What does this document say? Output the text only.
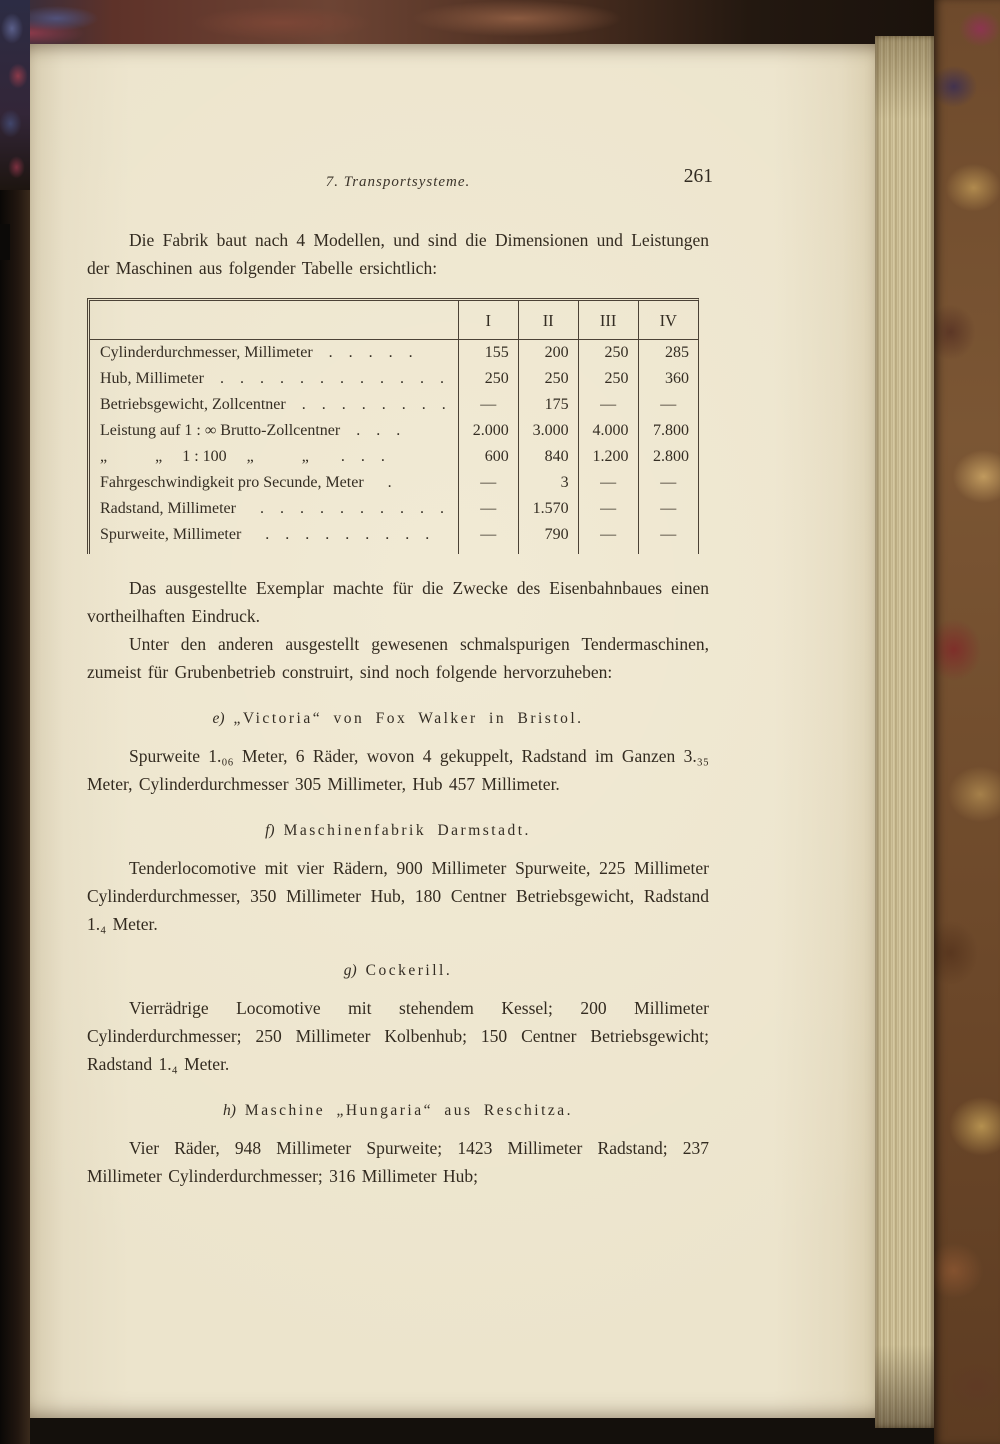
7. Transportsysteme.	261

Die Fabrik baut nach 4 Modellen, und sind die Dimensionen und Leistungen der Maschinen aus folgender Tabelle ersichtlich:

	I	II	III	IV
Cylinderdurchmesser, Millimeter .  .  .  .  .	155	200	250	285
Hub, Millimeter .  .  .  .  .  .  .  .  .  .  .  .	250	250	250	360
Betriebsgewicht, Zollcentner .  .  .  .  .  .  .  .	—	175	—	—
Leistung auf 1 : ∞ Brutto-Zollcentner .  .  .	2.000	3.000	4.000	7.800
„   „  1 : 100  „   „  .  .  .	600	840	1.200	2.800
Fahrgeschwindigkeit pro Secunde, Meter  .	—	3	—	—
Radstand, Millimeter  .  .  .  .  .  .  .  .  .  .	—	1.570	—	—
Spurweite, Millimeter  .  .  .  .  .  .  .  .  .	—	790	—	—

Das ausgestellte Exemplar machte für die Zwecke des Eisenbahnbaues einen vortheilhaften Eindruck.

Unter den anderen ausgestellt gewesenen schmalspurigen Tendermaschinen, zumeist für Grubenbetrieb construirt, sind noch folgende hervorzuheben:

e) „Victoria“ von Fox Walker in Bristol.

Spurweite 1.₀₆ Meter, 6 Räder, wovon 4 gekuppelt, Radstand im Ganzen 3.₃₅ Meter, Cylinderdurchmesser 305 Millimeter, Hub 457 Millimeter.

f) Maschinenfabrik Darmstadt.

Tenderlocomotive mit vier Rädern, 900 Millimeter Spurweite, 225 Millimeter Cylinderdurchmesser, 350 Millimeter Hub, 180 Centner Betriebsgewicht, Radstand 1.₄ Meter.

g) Cockerill.

Vierrädrige Locomotive mit stehendem Kessel; 200 Millimeter Cylinderdurchmesser; 250 Millimeter Kolbenhub; 150 Centner Betriebsgewicht; Radstand 1.₄ Meter.

h) Maschine „Hungaria“ aus Reschitza.

Vier Räder, 948 Millimeter Spurweite; 1423 Millimeter Radstand; 237 Millimeter Cylinderdurchmesser; 316 Millimeter Hub;
